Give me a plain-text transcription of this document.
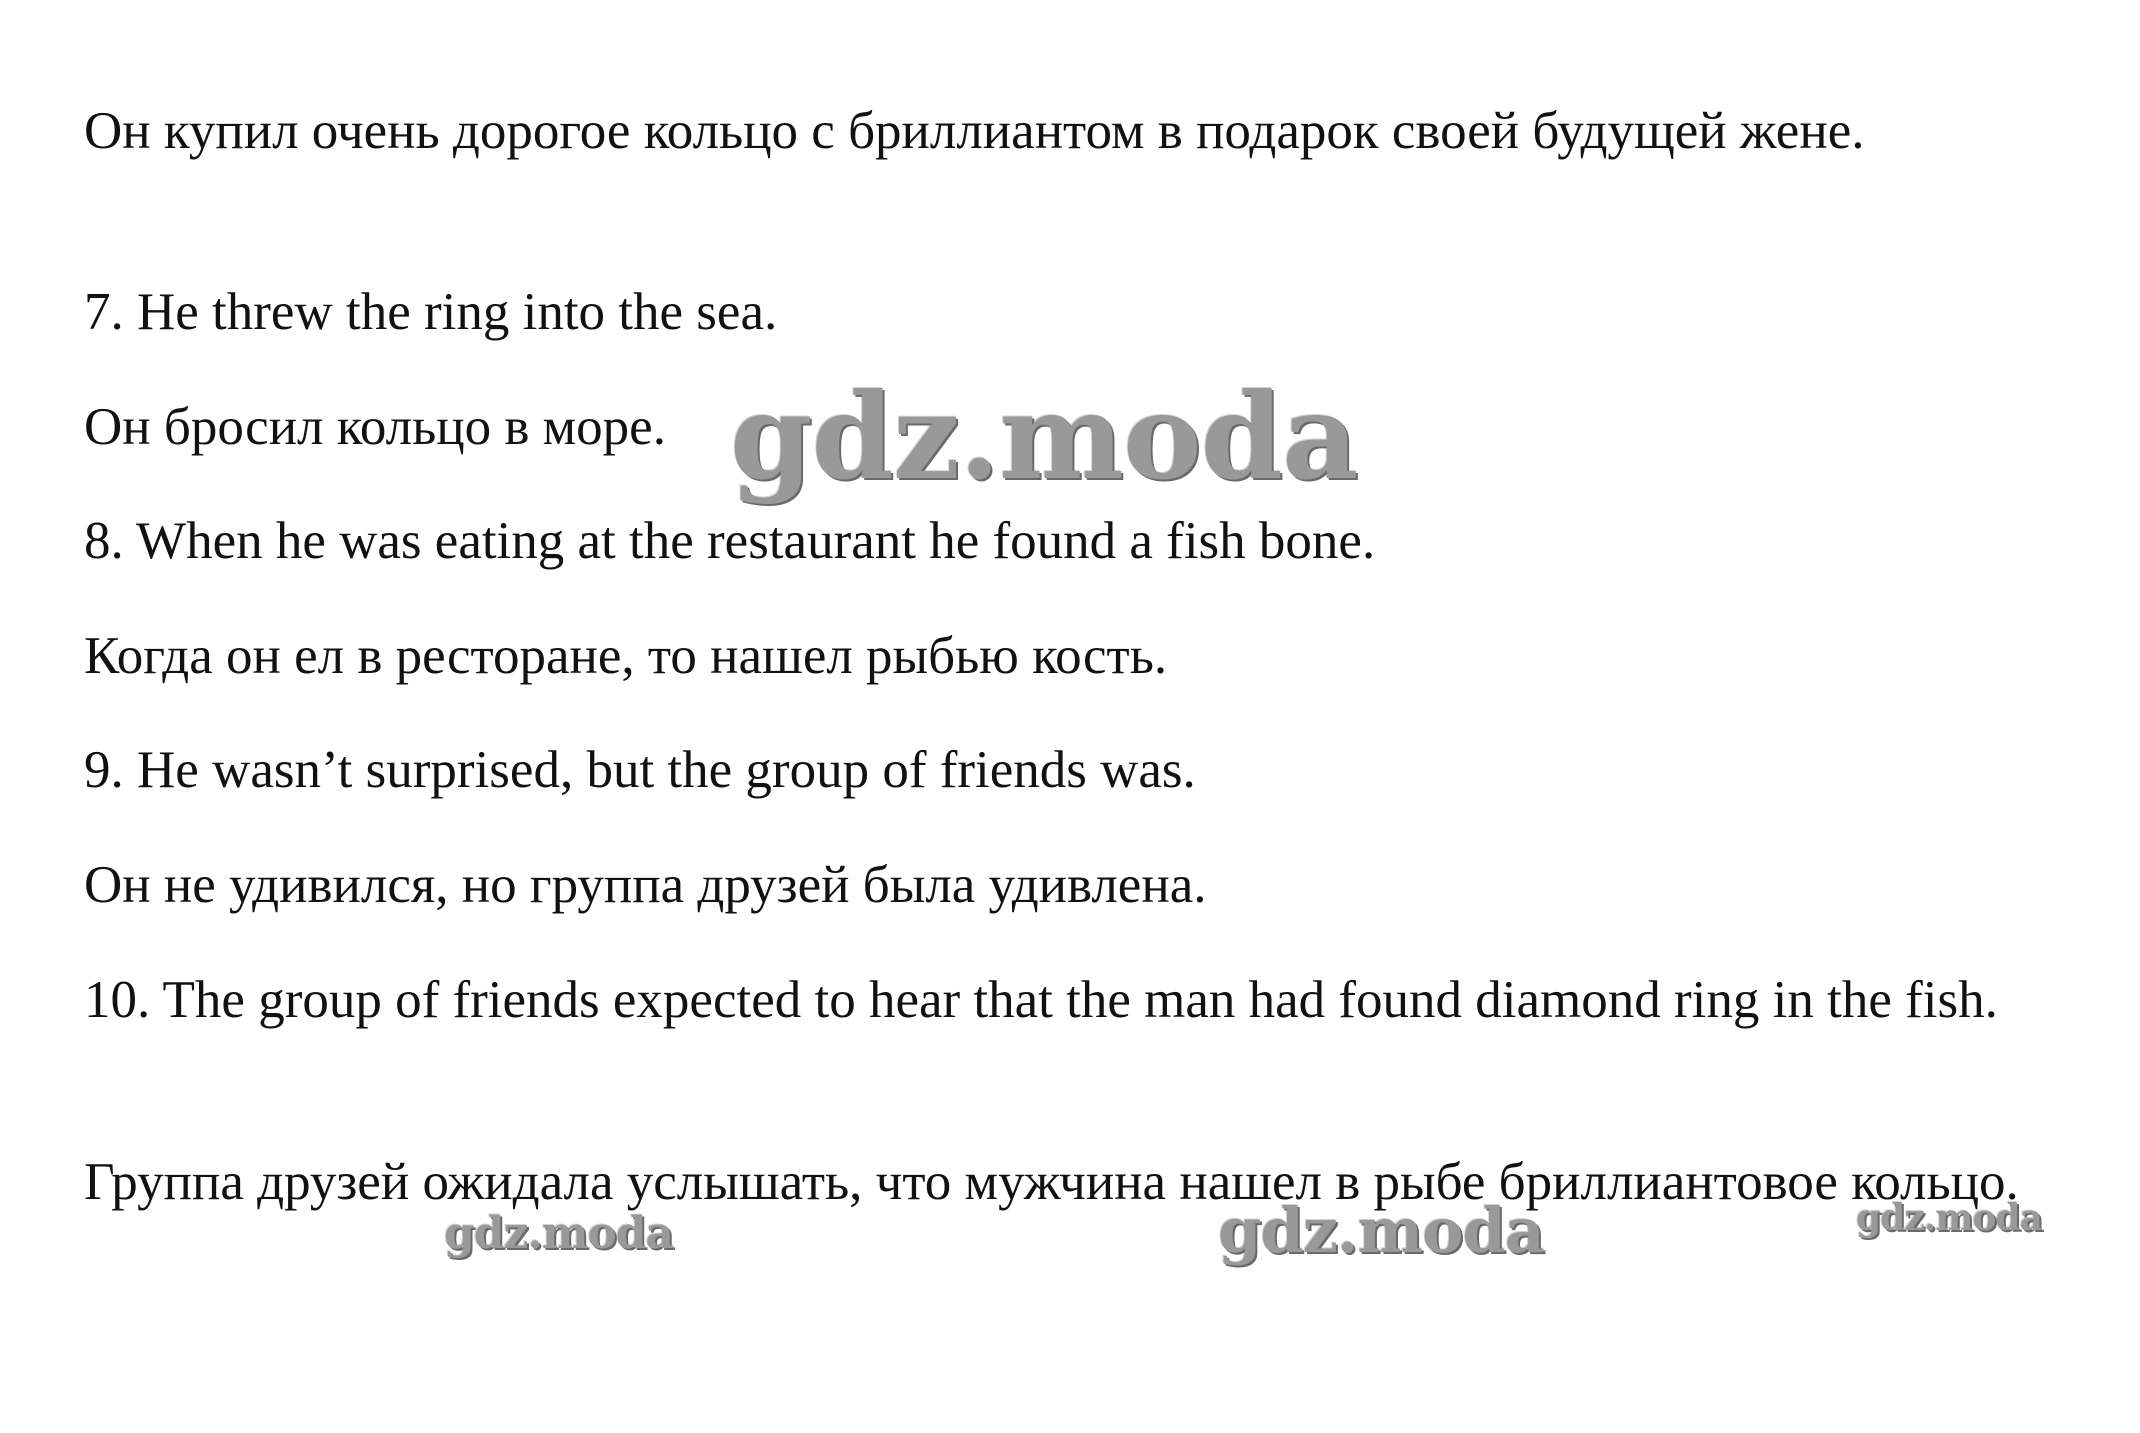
Он купил очень дорогое кольцо с бриллиантом в подарок своей будущей жене.

7. He threw the ring into the sea.

Он бросил кольцо в море.

8. When he was eating at the restaurant he found a fish bone.

Когда он ел в ресторане, то нашел рыбью кость.

9. He wasn’t surprised, but the group of friends was.

Он не удивился, но группа друзей была удивлена.

10. The group of friends expected to hear that the man had found diamond ring in the fish.

Группа друзей ожидала услышать, что мужчина нашел в рыбе бриллиантовое кольцо.

gdz.moda
gdz.moda	gdz.moda	gdz.moda
